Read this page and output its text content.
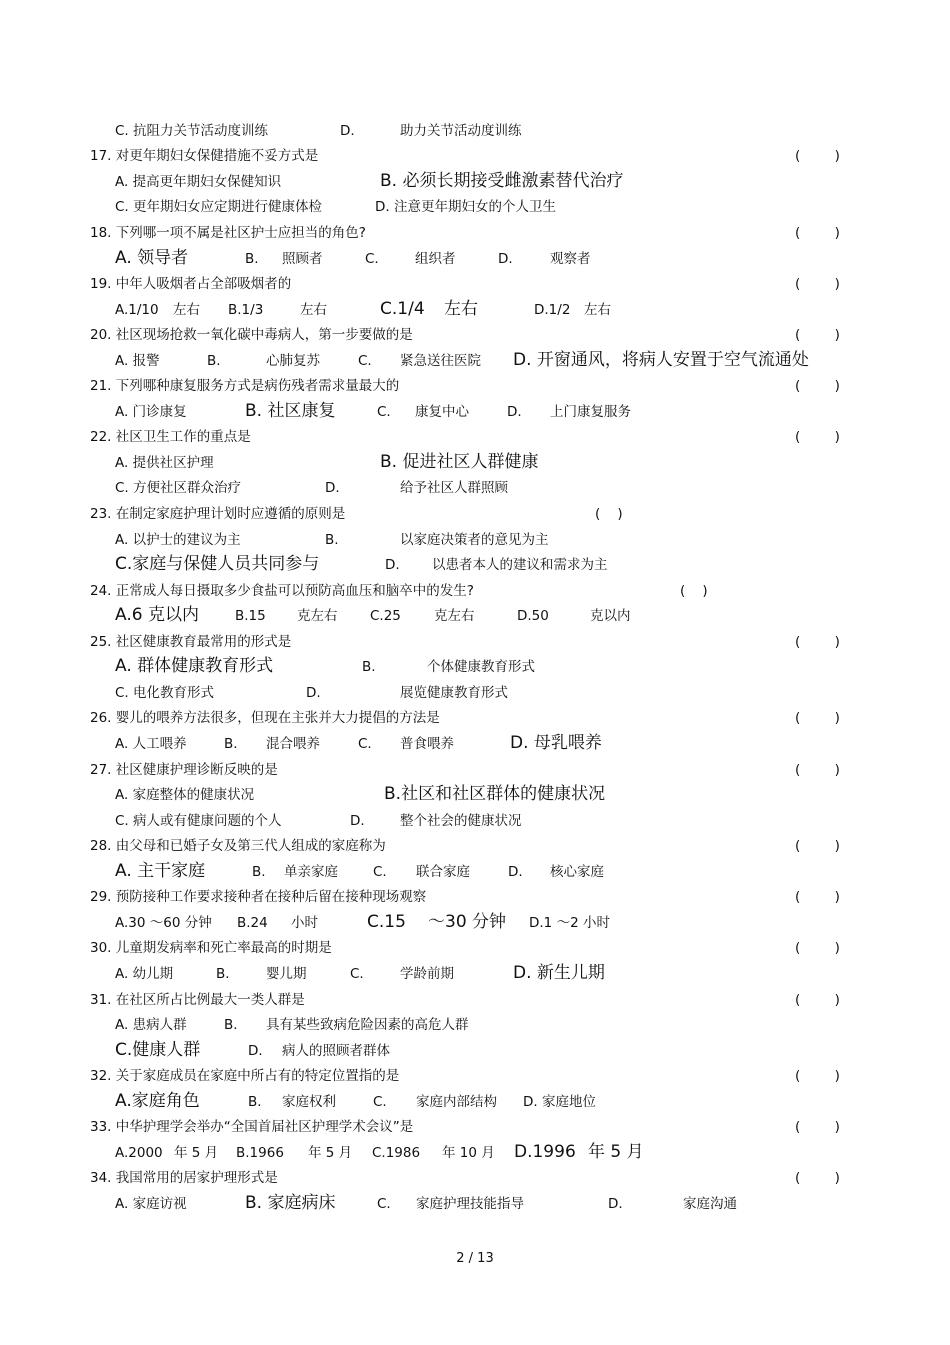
C. 抗阻力关节活动度训练	D.	助力关节活动度训练
17. 对更年期妇女保健措施不妥方式是	(        )
A. 提高更年期妇女保健知识	B. 必须长期接受雌激素替代治疗
C. 更年期妇女应定期进行健康体检	D. 注意更年期妇女的个人卫生
18. 下列哪一项不属是社区护士应担当的角色?	(        )
A. 领导者	B. 照顾者	C.	组织者	D.	观察者
19. 中年人吸烟者占全部吸烟者的	(        )
A.1/10 左右 B.1/3	左右	C.1/4 左右	D.1/2 左右
20. 社区现场抢救一氧化碳中毒病人，第一步要做的是	(        )
A. 报警	B.	心肺复苏	C. 紧急送往医院 D. 开窗通风，将病人安置于空气流通处
21. 下列哪种康复服务方式是病伤残者需求量最大的	(        )
A. 门诊康复	B. 社区康复	C. 康复中心	D. 上门康复服务
22. 社区卫生工作的重点是	(        )
A. 提供社区护理	B. 促进社区人群健康
C. 方便社区群众治疗	D.	给予社区人群照顾
23. 在制定家庭护理计划时应遵循的原则是	(    )
A. 以护士的建议为主	B.	以家庭决策者的意见为主
C.家庭与保健人员共同参与	D. 以患者本人的建议和需求为主
24. 正常成人每日摄取多少食盐可以预防高血压和脑卒中的发生?	(    )
A.6 克以内	B.15 克左右 C.25 克左右	D.50	克以内
25. 社区健康教育最常用的形式是	(        )
A. 群体健康教育形式	B.	个体健康教育形式
C. 电化教育形式	D.	展览健康教育形式
26. 婴儿的喂养方法很多，但现在主张并大力提倡的方法是	(        )
A. 人工喂养	B. 混合喂养	C. 普食喂养	D. 母乳喂养
27. 社区健康护理诊断反映的是	(        )
A. 家庭整体的健康状况	B.社区和社区群体的健康状况
C. 病人或有健康问题的个人	D.	整个社会的健康状况
28. 由父母和已婚子女及第三代人组成的家庭称为	(        )
A. 主干家庭	B. 单亲家庭	C. 联合家庭	D. 核心家庭
29. 预防接种工作要求接种者在接种后留在接种现场观察	(        )
A.30 ～60 分钟 B.24 小时	C.15 ～30 分钟 D.1 ～2 小时
30. 儿童期发病率和死亡率最高的时期是	(        )
A. 幼儿期	B.	婴儿期	C.	学龄前期	D. 新生儿期
31. 在社区所占比例最大一类人群是	(        )
A. 患病人群	B. 具有某些致病危险因素的高危人群
C.健康人群	D. 病人的照顾者群体
32. 关于家庭成员在家庭中所占有的特定位置指的是	(        )
A.家庭角色	B. 家庭权利	C. 家庭内部结构 D. 家庭地位
33. 中华护理学会举办“全国首届社区护理学术会议”是	(        )
A.2000 年 5 月 B.1966 年 5 月 C.1986 年 10 月 D.1996 年 5 月
34. 我国常用的居家护理形式是	(        )
A. 家庭访视	B. 家庭病床	C. 家庭护理技能指导	D.	家庭沟通
2 / 13
